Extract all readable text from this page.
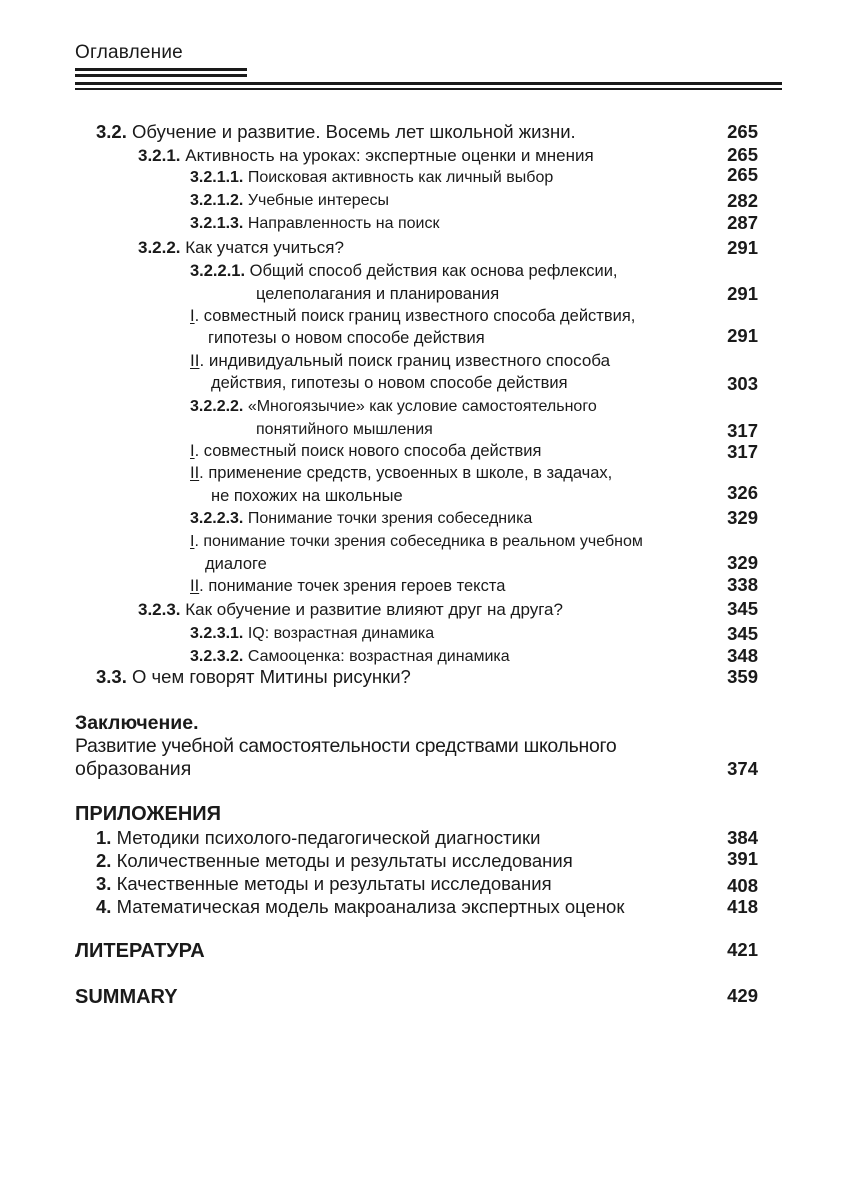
Оглавление
3.2. Обучение и развитие. Восемь лет школьной жизни.	265
3.2.1. Активность на уроках: экспертные оценки и мнения	265
3.2.1.1. Поисковая активность как личный выбор	265
3.2.1.2. Учебные интересы	282
3.2.1.3. Направленность на поиск	287
3.2.2. Как учатся учиться?	291
3.2.2.1. Общий способ действия как основа рефлексии,
целеполагания и планирования	291
I. совместный поиск границ известного способа действия,
гипотезы о новом способе действия	291
II. индивидуальный поиск границ известного способа
действия, гипотезы о новом способе действия	303
3.2.2.2. «Многоязычие» как условие самостоятельного
понятийного мышления	317
I. совместный поиск нового способа действия	317
II. применение средств, усвоенных в школе, в задачах,
не похожих на школьные	326
3.2.2.3. Понимание точки зрения собеседника	329
I. понимание точки зрения собеседника в реальном учебном
диалоге	329
II. понимание точек зрения героев текста	338
3.2.3. Как обучение и развитие влияют друг на друга?	345
3.2.3.1. IQ: возрастная динамика	345
3.2.3.2. Самооценка: возрастная динамика	348
3.3. О чем говорят Митины рисунки?	359
Заключение.
Развитие учебной самостоятельности средствами школьного
образования	374
ПРИЛОЖЕНИЯ
1. Методики психолого-педагогической диагностики	384
2. Количественные методы и результаты исследования	391
3. Качественные методы и результаты исследования	408
4. Математическая модель макроанализа экспертных оценок	418
ЛИТЕРАТУРА	421
SUMMARY	429
